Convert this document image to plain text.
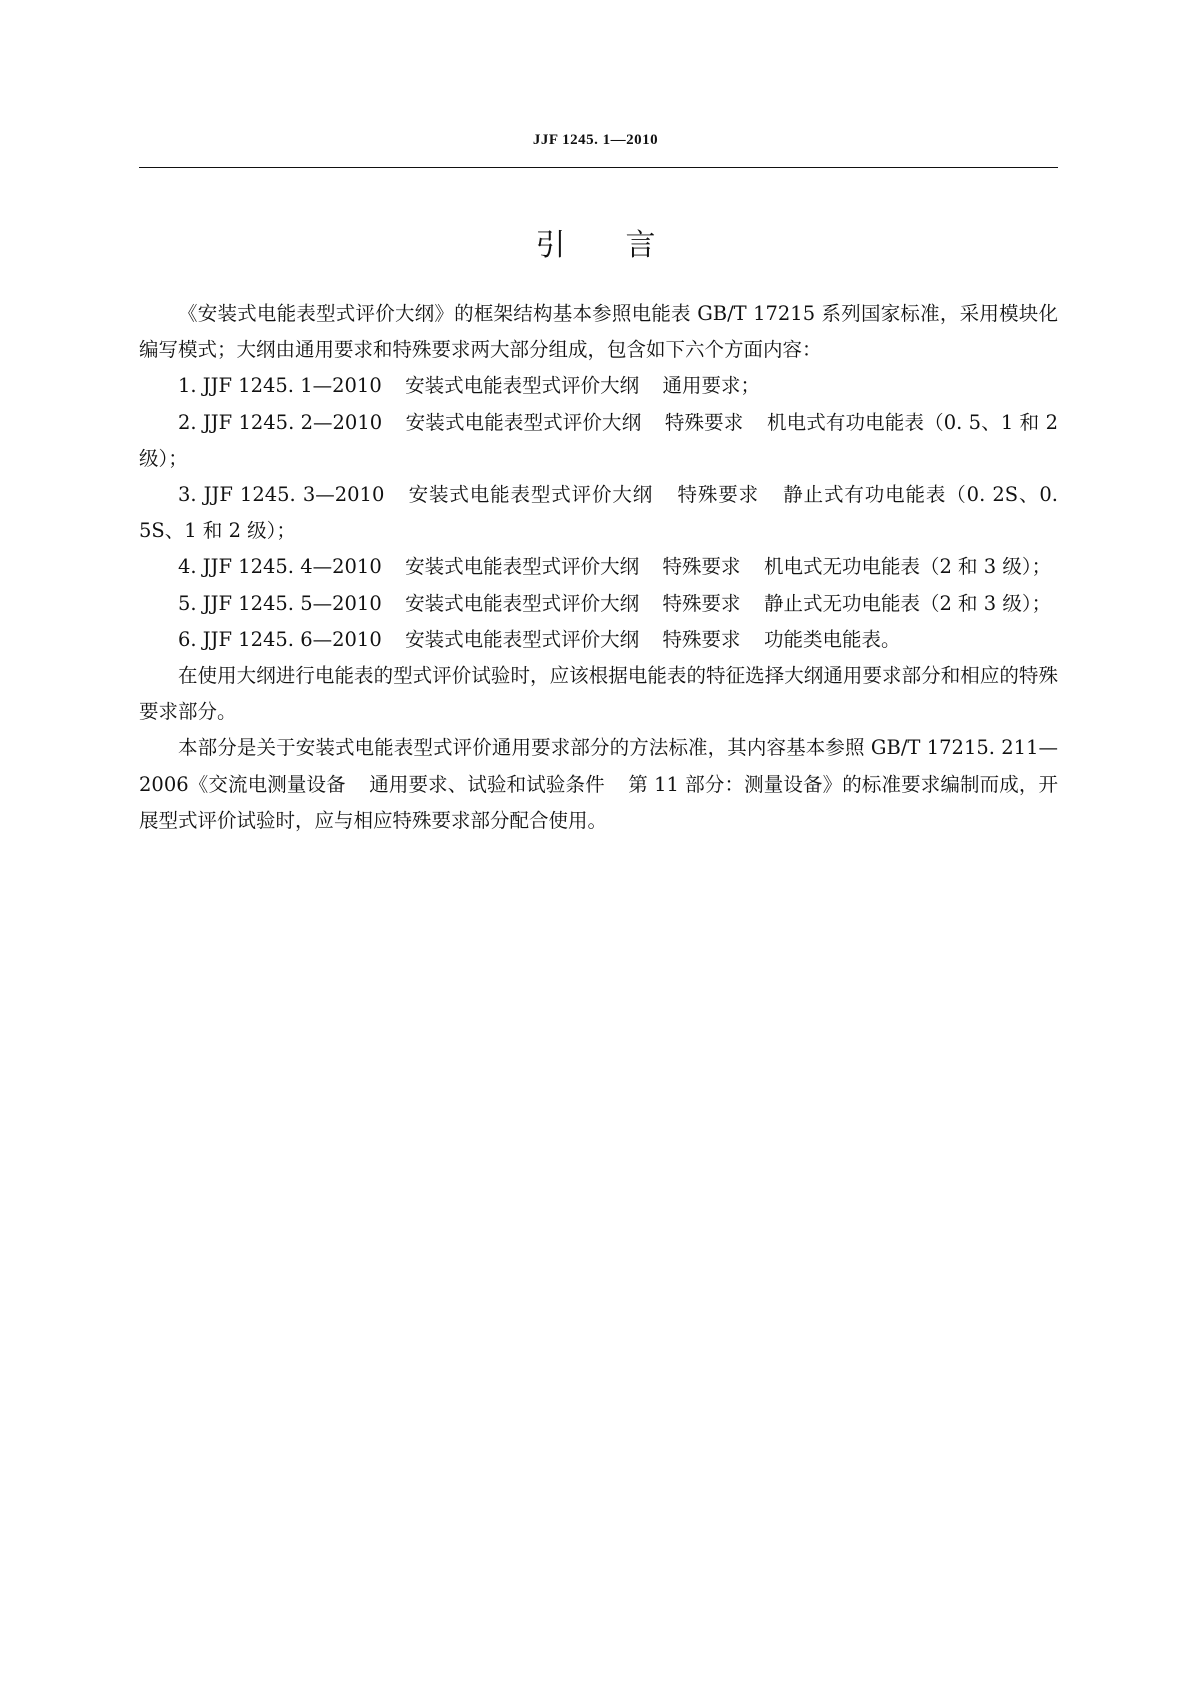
JJF 1245. 1—2010
引 言

《安装式电能表型式评价大纲》的框架结构基本参照电能表 GB/T 17215 系列国家标准，采用模块化编写模式；大纲由通用要求和特殊要求两大部分组成，包含如下六个方面内容：

1. JJF 1245. 1—2010 安装式电能表型式评价大纲 通用要求；

2. JJF 1245. 2—2010 安装式电能表型式评价大纲 特殊要求 机电式有功电能表（0. 5、1 和 2 级）；

3. JJF 1245. 3—2010 安装式电能表型式评价大纲 特殊要求 静止式有功电能表（0. 2S、0. 5S、1 和 2 级）；

4. JJF 1245. 4—2010 安装式电能表型式评价大纲 特殊要求 机电式无功电能表（2 和 3 级）；

5. JJF 1245. 5—2010 安装式电能表型式评价大纲 特殊要求 静止式无功电能表（2 和 3 级）；

6. JJF 1245. 6—2010 安装式电能表型式评价大纲 特殊要求 功能类电能表。

在使用大纲进行电能表的型式评价试验时，应该根据电能表的特征选择大纲通用要求部分和相应的特殊要求部分。

本部分是关于安装式电能表型式评价通用要求部分的方法标准，其内容基本参照 GB/T 17215. 211—2006《交流电测量设备 通用要求、试验和试验条件 第 11 部分：测量设备》的标准要求编制而成，开展型式评价试验时，应与相应特殊要求部分配合使用。
